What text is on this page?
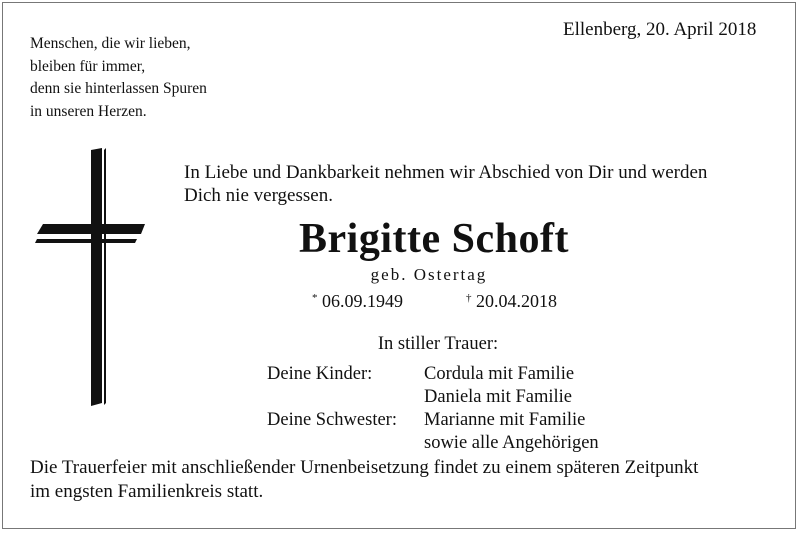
Menschen, die wir lieben,
bleiben für immer,
denn sie hinterlassen Spuren
in unseren Herzen.
Ellenberg, 20. April 2018
In Liebe und Dankbarkeit nehmen wir Abschied von Dir und werden
Dich nie vergessen.
Brigitte Schoft
geb. Ostertag
* 06.09.1949	† 20.04.2018
In stiller Trauer:
Deine Kinder:

Deine Schwester:

Cordula mit Familie
Daniela mit Familie
Marianne mit Familie
sowie alle Angehörigen
Die Trauerfeier mit anschließender Urnenbeisetzung findet zu einem späteren Zeitpunkt
im engsten Familienkreis statt.
